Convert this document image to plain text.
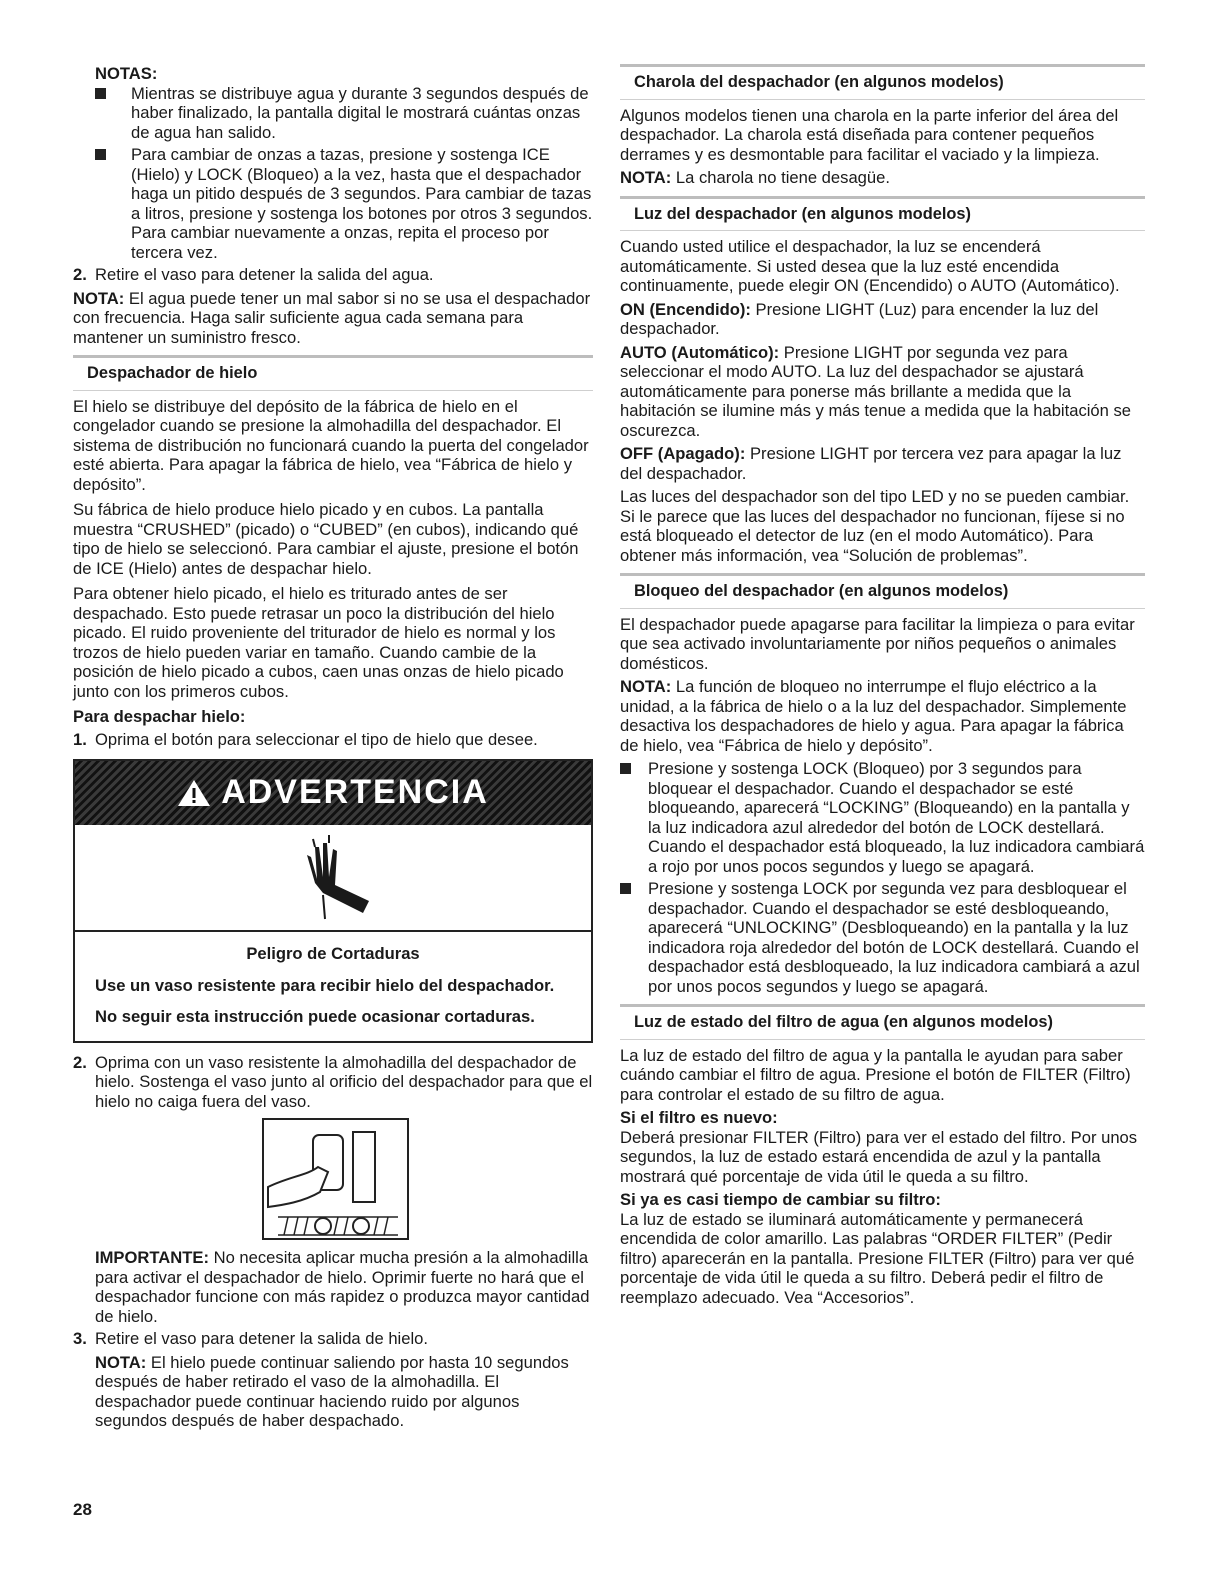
NOTAS:

Mientras se distribuye agua y durante 3 segundos después de haber finalizado, la pantalla digital le mostrará cuántas onzas de agua han salido.
Para cambiar de onzas a tazas, presione y sostenga ICE (Hielo) y LOCK (Bloqueo) a la vez, hasta que el despachador haga un pitido después de 3 segundos. Para cambiar de tazas a litros, presione y sostenga los botones por otros 3 segundos. Para cambiar nuevamente a onzas, repita el proceso por tercera vez.
2. Retire el vaso para detener la salida del agua.

NOTA: El agua puede tener un mal sabor si no se usa el despachador con frecuencia. Haga salir suficiente agua cada semana para mantener un suministro fresco.

Despachador de hielo

El hielo se distribuye del depósito de la fábrica de hielo en el congelador cuando se presione la almohadilla del despachador. El sistema de distribución no funcionará cuando la puerta del congelador esté abierta. Para apagar la fábrica de hielo, vea “Fábrica de hielo y depósito”.

Su fábrica de hielo produce hielo picado y en cubos. La pantalla muestra “CRUSHED” (picado) o “CUBED” (en cubos), indicando qué tipo de hielo se seleccionó. Para cambiar el ajuste, presione el botón de ICE (Hielo) antes de despachar hielo.

Para obtener hielo picado, el hielo es triturado antes de ser despachado. Esto puede retrasar un poco la distribución del hielo picado. El ruido proveniente del triturador de hielo es normal y los trozos de hielo pueden variar en tamaño. Cuando cambie de la posición de hielo picado a cubos, caen unas onzas de hielo picado junto con los primeros cubos.

Para despachar hielo:

1. Oprima el botón para seleccionar el tipo de hielo que desee.
ADVERTENCIA

Peligro de Cortaduras

Use un vaso resistente para recibir hielo del despachador.

No seguir esta instrucción puede ocasionar cortaduras.

2. Oprima con un vaso resistente la almohadilla del despachador de hielo. Sostenga el vaso junto al orificio del despachador para que el hielo no caiga fuera del vaso.

IMPORTANTE: No necesita aplicar mucha presión a la almohadilla para activar el despachador de hielo. Oprimir fuerte no hará que el despachador funcione con más rapidez o produzca mayor cantidad de hielo.

3. Retire el vaso para detener la salida de hielo.

NOTA: El hielo puede continuar saliendo por hasta 10 segundos después de haber retirado el vaso de la almohadilla. El despachador puede continuar haciendo ruido por algunos segundos después de haber despachado.

Charola del despachador (en algunos modelos)

Algunos modelos tienen una charola en la parte inferior del área del despachador. La charola está diseñada para contener pequeños derrames y es desmontable para facilitar el vaciado y la limpieza.

NOTA: La charola no tiene desagüe.

Luz del despachador (en algunos modelos)

Cuando usted utilice el despachador, la luz se encenderá automáticamente. Si usted desea que la luz esté encendida continuamente, puede elegir ON (Encendido) o AUTO (Automático).

ON (Encendido): Presione LIGHT (Luz) para encender la luz del despachador.

AUTO (Automático): Presione LIGHT por segunda vez para seleccionar el modo AUTO. La luz del despachador se ajustará automáticamente para ponerse más brillante a medida que la habitación se ilumine más y más tenue a medida que la habitación se oscurezca.

OFF (Apagado): Presione LIGHT por tercera vez para apagar la luz del despachador.

Las luces del despachador son del tipo LED y no se pueden cambiar. Si le parece que las luces del despachador no funcionan, fíjese si no está bloqueado el detector de luz (en el modo Automático). Para obtener más información, vea “Solución de problemas”.

Bloqueo del despachador (en algunos modelos)

El despachador puede apagarse para facilitar la limpieza o para evitar que sea activado involuntariamente por niños pequeños o animales domésticos.

NOTA: La función de bloqueo no interrumpe el flujo eléctrico a la unidad, a la fábrica de hielo o a la luz del despachador. Simplemente desactiva los despachadores de hielo y agua. Para apagar la fábrica de hielo, vea “Fábrica de hielo y depósito”.

Presione y sostenga LOCK (Bloqueo) por 3 segundos para bloquear el despachador. Cuando el despachador se esté bloqueando, aparecerá “LOCKING” (Bloqueando) en la pantalla y la luz indicadora azul alrededor del botón de LOCK destellará. Cuando el despachador está bloqueado, la luz indicadora cambiará a rojo por unos pocos segundos y luego se apagará.
Presione y sostenga LOCK por segunda vez para desbloquear el despachador. Cuando el despachador se esté desbloqueando, aparecerá “UNLOCKING” (Desbloqueando) en la pantalla y la luz indicadora roja alrededor del botón de LOCK destellará. Cuando el despachador está desbloqueado, la luz indicadora cambiará a azul por unos pocos segundos y luego se apagará.
Luz de estado del filtro de agua (en algunos modelos)

La luz de estado del filtro de agua y la pantalla le ayudan para saber cuándo cambiar el filtro de agua. Presione el botón de FILTER (Filtro) para controlar el estado de su filtro de agua.

Si el filtro es nuevo:

Deberá presionar FILTER (Filtro) para ver el estado del filtro. Por unos segundos, la luz de estado estará encendida de azul y la pantalla mostrará qué porcentaje de vida útil le queda a su filtro.

Si ya es casi tiempo de cambiar su filtro:

La luz de estado se iluminará automáticamente y permanecerá encendida de color amarillo. Las palabras “ORDER FILTER” (Pedir filtro) aparecerán en la pantalla. Presione FILTER (Filtro) para ver qué porcentaje de vida útil le queda a su filtro. Deberá pedir el filtro de reemplazo adecuado. Vea “Accesorios”.

28
